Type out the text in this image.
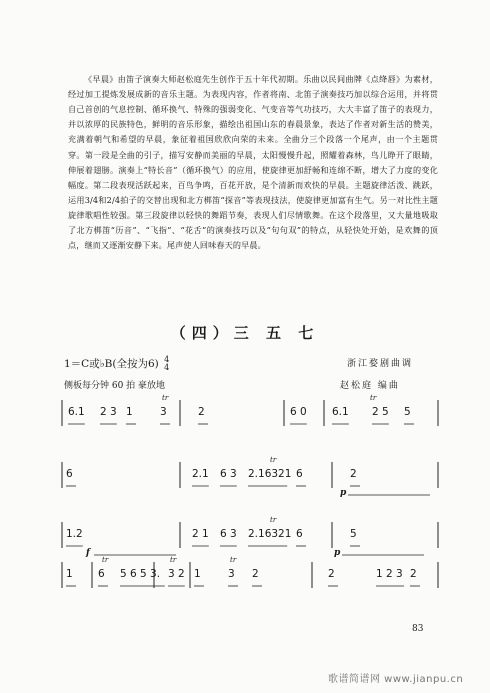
《早晨》由笛子演奏大师赵松庭先生创作于五十年代初期。乐曲以民间曲牌《点绛唇》为素材，经过加工提炼发展成新的音乐主题。为表现内容，作者将南、北笛子演奏技巧加以综合运用，并将贯自己首创的气息控制、循环换气、特殊的强弱变化、气变音等气功技巧，大大丰富了笛子的表现力，并以浓厚的民族特色，鲜明的音乐形象，描绘出祖国山东的春晨景象，表达了作者对新生活的赞美，充满着朝气和希望的早晨，象征着祖国欣欣向荣的未来。全曲分三个段落一个尾声，由一个主题贯穿。第一段是全曲的引子，描写安静而美丽的早晨，太阳慢慢升起，照耀着森林，鸟儿睁开了眼睛，伸展着翅膀。演奏上“特长音”（循环换气）的应用，使旋律更加舒畅和连绵不断，增大了力度的变化幅度。第二段表现活跃起来，百鸟争鸣，百花开放，是个清新而欢快的早晨。主题旋律活泼、跳跃，运用3/4和2/4拍子的交替出现和北方梆笛“探音”等表现技法，使旋律更加富有生气。另一对比性主题旋律歌唱性较强。第三段旋律以轻快的舞蹈节奏，表现人们尽情歌舞。在这个段落里，又大量地吸取了北方梆笛“历音”、“飞指”、“花舌”的演奏技巧以及“句句双”的特点，从轻快处开始，是欢舞的顶点，继而又逐渐安静下来。尾声使人回味春天的早晨。

（四）三 五 七
1＝C或♭B(全按为6) 4
4
侧板每分钟 60 拍 豪放地
浙江婺剧曲调
赵松庭 编曲
6.1 2 3 1	3	2	6 0 6.1 2 5 5
tr	tr
6	2.1 6 3 2.16321 6	2
tr
p
1.2	2 1 6 3 2.16321 6	5
tr
f	p
1 6 5 6 5 3. 3 2 1	3 2	2	1 2 3 2
tr	tr	tr
83
歌谱简谱网 www.jianpu.cn
